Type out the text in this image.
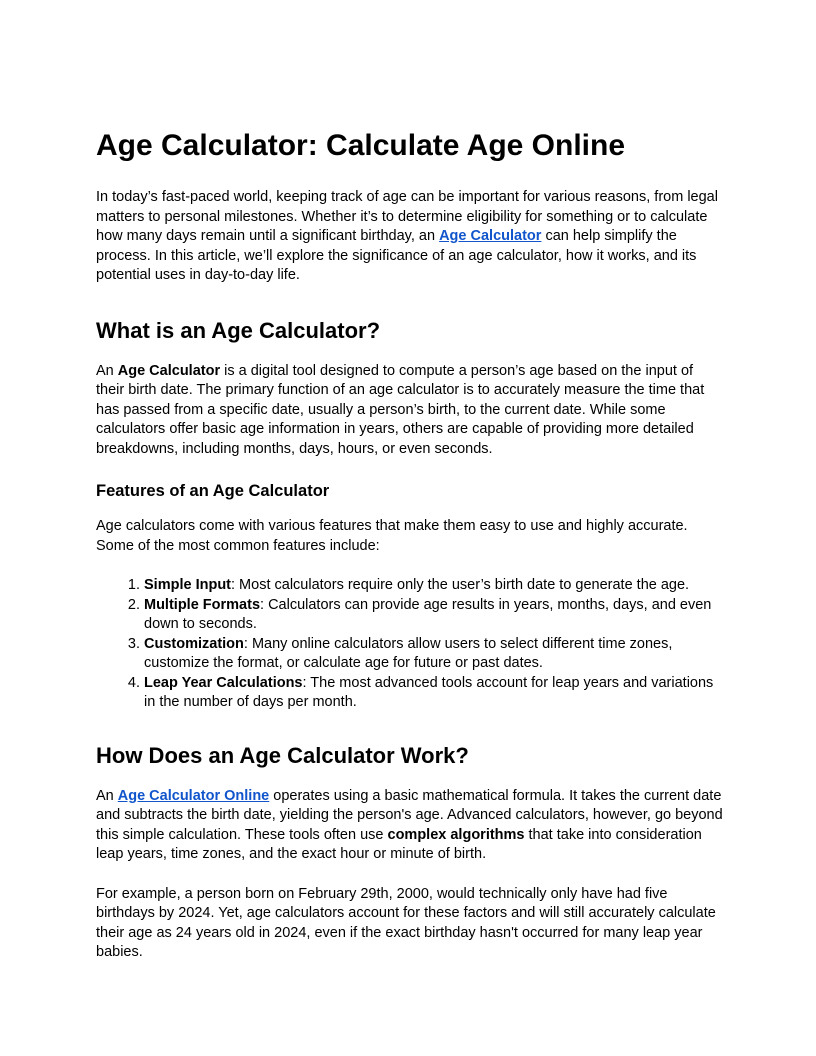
Age Calculator: Calculate Age Online

In today’s fast-paced world, keeping track of age can be important for various reasons, from legal matters to personal milestones. Whether it’s to determine eligibility for something or to calculate how many days remain until a significant birthday, an Age Calculator can help simplify the process. In this article, we’ll explore the significance of an age calculator, how it works, and its potential uses in day-to-day life.

What is an Age Calculator?

An Age Calculator is a digital tool designed to compute a person’s age based on the input of their birth date. The primary function of an age calculator is to accurately measure the time that has passed from a specific date, usually a person’s birth, to the current date. While some calculators offer basic age information in years, others are capable of providing more detailed breakdowns, including months, days, hours, or even seconds.

Features of an Age Calculator

Age calculators come with various features that make them easy to use and highly accurate. Some of the most common features include:

1. Simple Input: Most calculators require only the user’s birth date to generate the age.
2. Multiple Formats: Calculators can provide age results in years, months, days, and even down to seconds.
3. Customization: Many online calculators allow users to select different time zones, customize the format, or calculate age for future or past dates.
4. Leap Year Calculations: The most advanced tools account for leap years and variations in the number of days per month.
How Does an Age Calculator Work?

An Age Calculator Online operates using a basic mathematical formula. It takes the current date and subtracts the birth date, yielding the person's age. Advanced calculators, however, go beyond this simple calculation. These tools often use complex algorithms that take into consideration leap years, time zones, and the exact hour or minute of birth.

For example, a person born on February 29th, 2000, would technically only have had five birthdays by 2024. Yet, age calculators account for these factors and will still accurately calculate their age as 24 years old in 2024, even if the exact birthday hasn't occurred for many leap year babies.
